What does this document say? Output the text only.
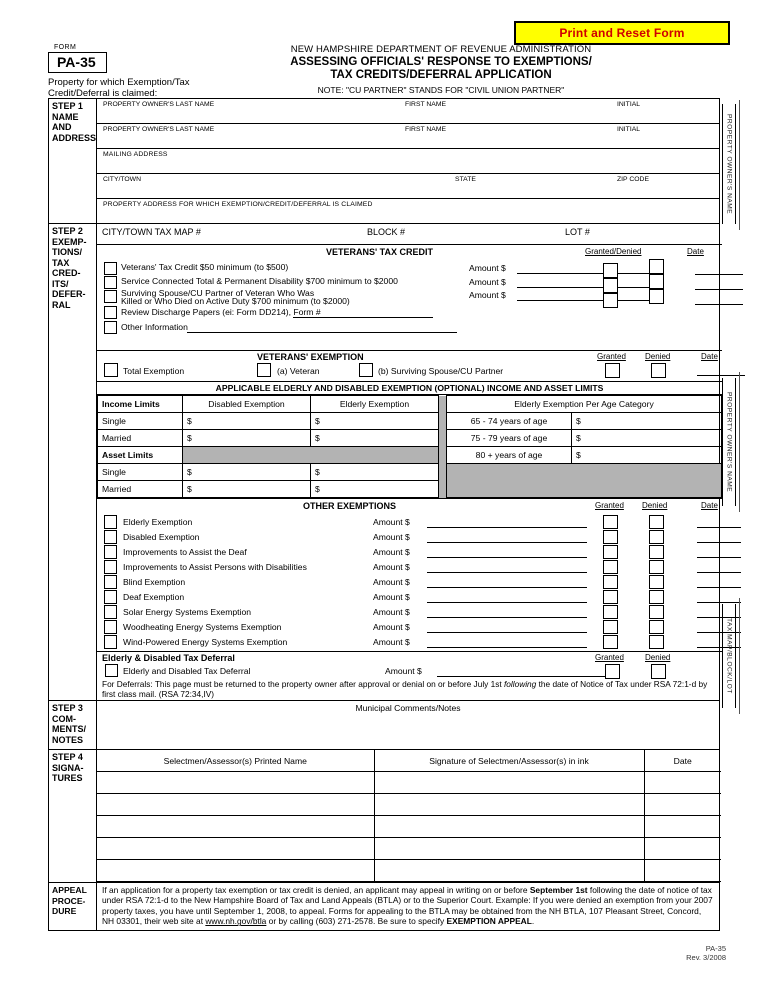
Print and Reset Form
FORM
PA-35
Property for which Exemption/Tax Credit/Deferral is claimed:
NEW HAMPSHIRE DEPARTMENT OF REVENUE ADMINISTRATION
ASSESSING OFFICIALS' RESPONSE TO EXEMPTIONS/
TAX CREDITS/DEFERRAL APPLICATION
NOTE: "CU PARTNER" STANDS FOR "CIVIL UNION PARTNER"
STEP 1
NAME
AND
ADDRESS
PROPERTY OWNER'S LAST NAME	FIRST NAME	INITIAL
PROPERTY OWNER'S LAST NAME	FIRST NAME	INITIAL
MAILING ADDRESS
CITY/TOWN	STATE	ZIP CODE
PROPERTY ADDRESS FOR WHICH EXEMPTION/CREDIT/DEFERRAL IS CLAIMED
STEP 2
EXEMP-
TIONS/
TAX
CRED-
ITS/
DEFER-
RAL
CITY/TOWN TAX MAP #	BLOCK #	LOT #
VETERANS' TAX CREDIT	Granted/Denied	Date
Veterans' Tax Credit $50 minimum (to $500)	Amount $
Service Connected Total & Permanent Disability $700 minimum to $2000	Amount $
Surviving Spouse/CU Partner of Veteran Who Was
Killed or Who Died on Active Duty $700 minimum (to $2000)
Amount $
Review Discharge Papers (ei: Form DD214), Form #
Other Information
VETERANS' EXEMPTION	Granted Denied	Date
Total Exemption	(a) Veteran	(b) Surviving Spouse/CU Partner
APPLICABLE ELDERLY AND DISABLED EXEMPTION (OPTIONAL) INCOME AND ASSET LIMITS
Income Limits	Disabled Exemption	Elderly Exemption		Elderly Exemption Per Age Category	
Single	$	$		65 - 74 years of age	$
Married	$	$		75 - 79 years of age	$
Asset Limits				80 + years of age	$
Single	$	$			
Married	$	$			
OTHER EXEMPTIONS	Granted Denied	Date
Elderly Exemption	Amount $
Disabled Exemption	Amount $
Improvements to Assist the Deaf	Amount $
Improvements to Assist Persons with Disabilities	Amount $
Blind Exemption	Amount $
Deaf Exemption	Amount $
Solar Energy Systems Exemption	Amount $
Woodheating Energy Systems Exemption	Amount $
Wind-Powered Energy Systems Exemption	Amount $
Elderly & Disabled Tax Deferral	Granted	Denied
Elderly and Disabled Tax Deferral	Amount $
For Deferrals: This page must be returned to the property owner after approval or denial on or before July 1st following the date of Notice of Tax under RSA 72:1-d by first class mail. (RSA 72:34,IV)
STEP 3
COM-
MENTS/
NOTES
Municipal Comments/Notes
STEP 4
SIGNA-
TURES
Selectmen/Assessor(s) Printed Name	Signature of Selectmen/Assessor(s) in ink	Date

APPEAL
PROCE-
DURE
If an application for a property tax exemption or tax credit is denied, an applicant may appeal in writing on or before September 1st following the date of notice of tax under RSA 72:1-d to the New Hampshire Board of Tax and Land Appeals (BTLA) or to the Superior Court. Example: If you were denied an exemption from your 2007 property taxes, you have until September 1, 2008, to appeal. Forms for appealing to the BTLA may be obtained from the NH BTLA, 107 Pleasant Street, Concord, NH 03301, their web site at www.nh.gov/btla or by calling (603) 271-2578. Be sure to specify EXEMPTION APPEAL.
PROPERTY OWNER'S NAME
PROPERTY OWNER'S NAME
TAX MAP/BLOCK/LOT
PA-35
Rev. 3/2008
